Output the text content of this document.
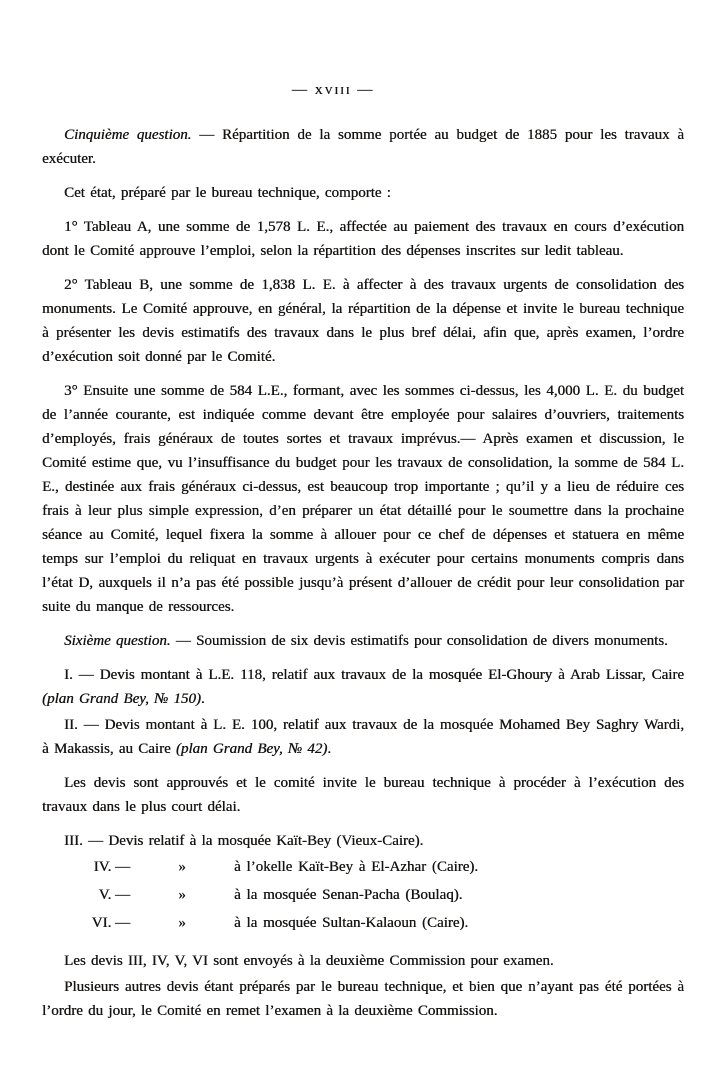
— xviii —

Cinquième question. — Répartition de la somme portée au budget de 1885 pour les travaux à exécuter.

Cet état, préparé par le bureau technique, comporte :

1° Tableau A, une somme de 1,578 L. E., affectée au paiement des travaux en cours d’exécution dont le Comité approuve l’emploi, selon la répartition des dépenses inscrites sur ledit tableau.

2° Tableau B, une somme de 1,838 L. E. à affecter à des travaux urgents de consolidation des monuments. Le Comité approuve, en général, la répartition de la dépense et invite le bureau technique à présenter les devis estimatifs des travaux dans le plus bref délai, afin que, après examen, l’ordre d’exécution soit donné par le Comité.

3° Ensuite une somme de 584 L.E., formant, avec les sommes ci-dessus, les 4,000 L. E. du budget de l’année courante, est indiquée comme devant être employée pour salaires d’ouvriers, traitements d’employés, frais généraux de toutes sortes et travaux imprévus.— Après examen et discussion, le Comité estime que, vu l’insuffisance du budget pour les travaux de consolidation, la somme de 584 L. E., destinée aux frais généraux ci-dessus, est beaucoup trop importante ; qu’il y a lieu de réduire ces frais à leur plus simple expression, d’en préparer un état détaillé pour le soumettre dans la prochaine séance au Comité, lequel fixera la somme à allouer pour ce chef de dépenses et statuera en même temps sur l’emploi du reliquat en travaux urgents à exécuter pour certains monuments compris dans l’état D, auxquels il n’a pas été possible jusqu’à présent d’allouer de crédit pour leur consolidation par suite du manque de ressources.

Sixième question. — Soumission de six devis estimatifs pour consolidation de divers monuments.

I. — Devis montant à L.E. 118, relatif aux travaux de la mosquée El-Ghoury à Arab Lissar, Caire (plan Grand Bey, № 150).

II. — Devis montant à L. E. 100, relatif aux travaux de la mosquée Mohamed Bey Saghry Wardi, à Makassis, au Caire (plan Grand Bey, № 42).

Les devis sont approuvés et le comité invite le bureau technique à procéder à l’exécution des travaux dans le plus court délai.

III. — Devis relatif à la mosquée Kaït-Bey (Vieux-Caire).

IV. —	»	à l’okelle Kaït-Bey à El-Azhar (Caire).
V. —	»	à la mosquée Senan-Pacha (Boulaq).
VI. —	»	à la mosquée Sultan-Kalaoun (Caire).

Les devis III, IV, V, VI sont envoyés à la deuxième Commission pour examen.

Plusieurs autres devis étant préparés par le bureau technique, et bien que n’ayant pas été portées à l’ordre du jour, le Comité en remet l’examen à la deuxième Commission.
